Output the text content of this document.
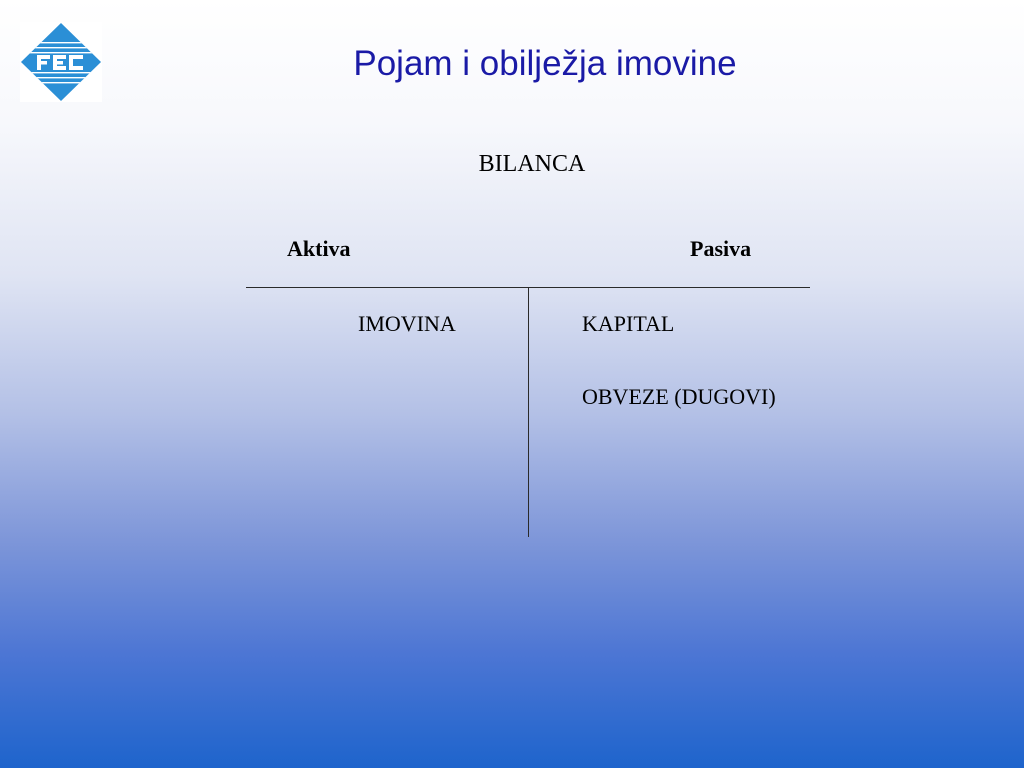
Pojam i obilježja imovine
BILANCA
Aktiva	Pasiva
IMOVINA	KAPITAL
OBVEZE (DUGOVI)
